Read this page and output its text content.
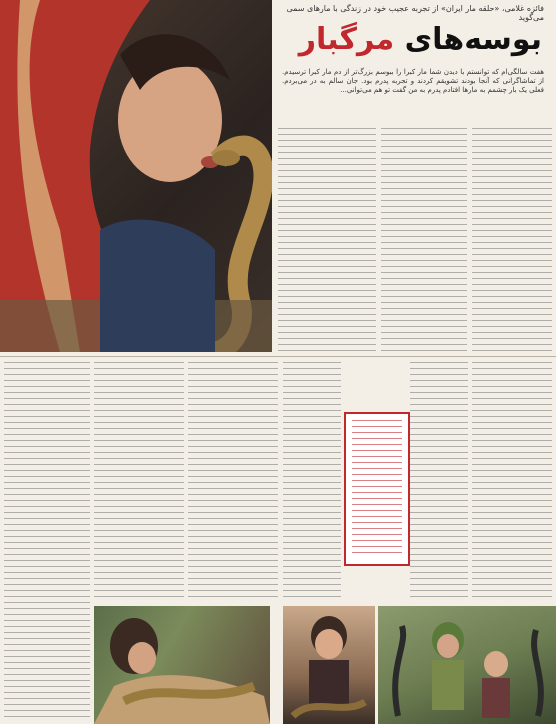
فائزه غلامی، «حلقه مار ایران» از تجربه عجیب خود در زندگی با مارهای سمی می‌گوید
بوسه‌های مرگبار
هفت سالگی‌ام که توانستم با دیدن شما مار کبرا را ببوسم بزرگ‌تر از دم مار کبرا ترسیدم. از تماشاگرانی که آنجا بودند تشویقم کردند و تجربه پدرم بود. جان سالم به در می‌بردم. فعلی یک بار چشمم به مارها افتادم پدرم به من گفت تو هم می‌توانی...
